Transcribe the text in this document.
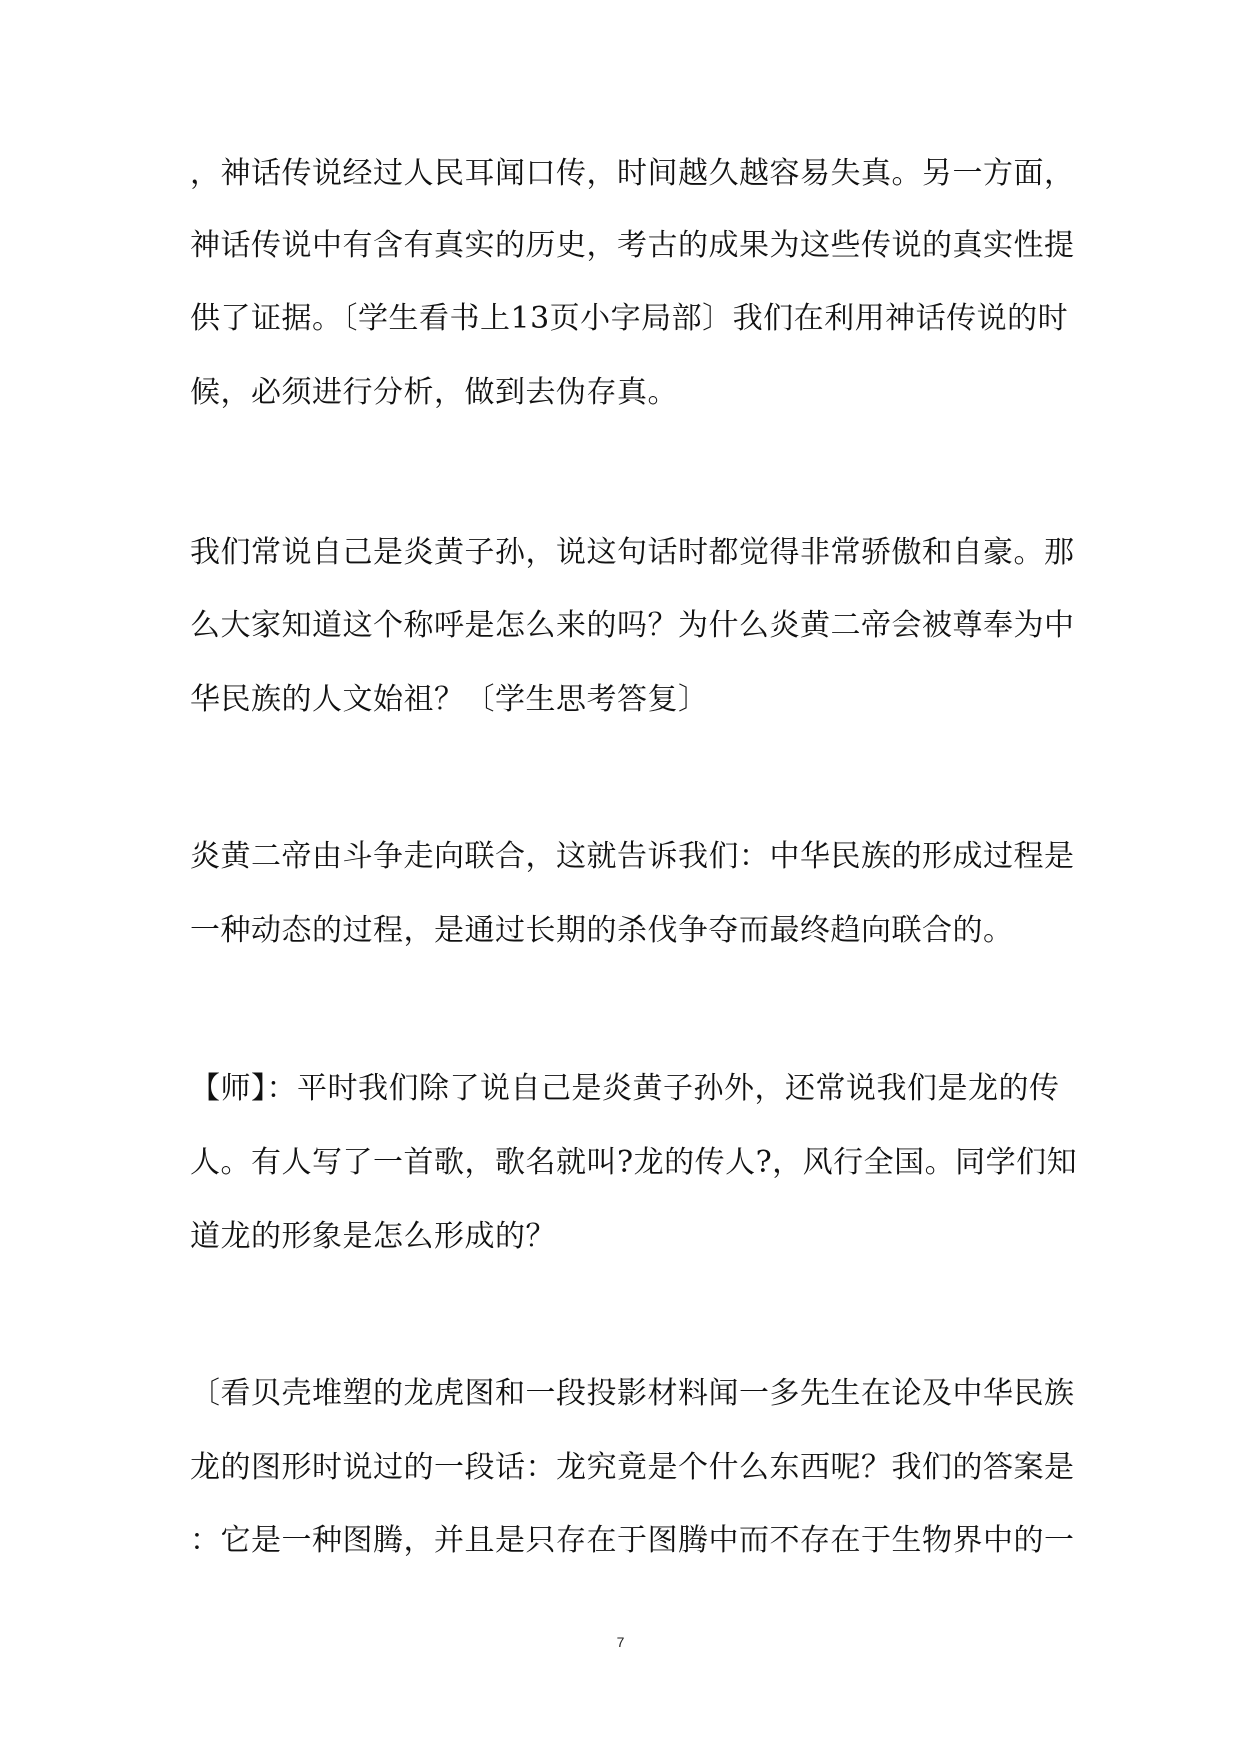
，神话传说经过人民耳闻口传，时间越久越容易失真。另一方面，
神话传说中有含有真实的历史，考古的成果为这些传说的真实性提
供了证据。〔学生看书上13页小字局部〕我们在利用神话传说的时
候，必须进行分析，做到去伪存真。
我们常说自己是炎黄子孙，说这句话时都觉得非常骄傲和自豪。那
么大家知道这个称呼是怎么来的吗？为什么炎黄二帝会被尊奉为中
华民族的人文始祖？〔学生思考答复〕
炎黄二帝由斗争走向联合，这就告诉我们：中华民族的形成过程是
一种动态的过程，是通过长期的杀伐争夺而最终趋向联合的。
【师】：平时我们除了说自己是炎黄子孙外，还常说我们是龙的传
人。有人写了一首歌，歌名就叫?龙的传人?，风行全国。同学们知
道龙的形象是怎么形成的？
〔看贝壳堆塑的龙虎图和一段投影材料闻一多先生在论及中华民族
龙的图形时说过的一段话：龙究竟是个什么东西呢？我们的答案是
：它是一种图腾，并且是只存在于图腾中而不存在于生物界中的一
7
